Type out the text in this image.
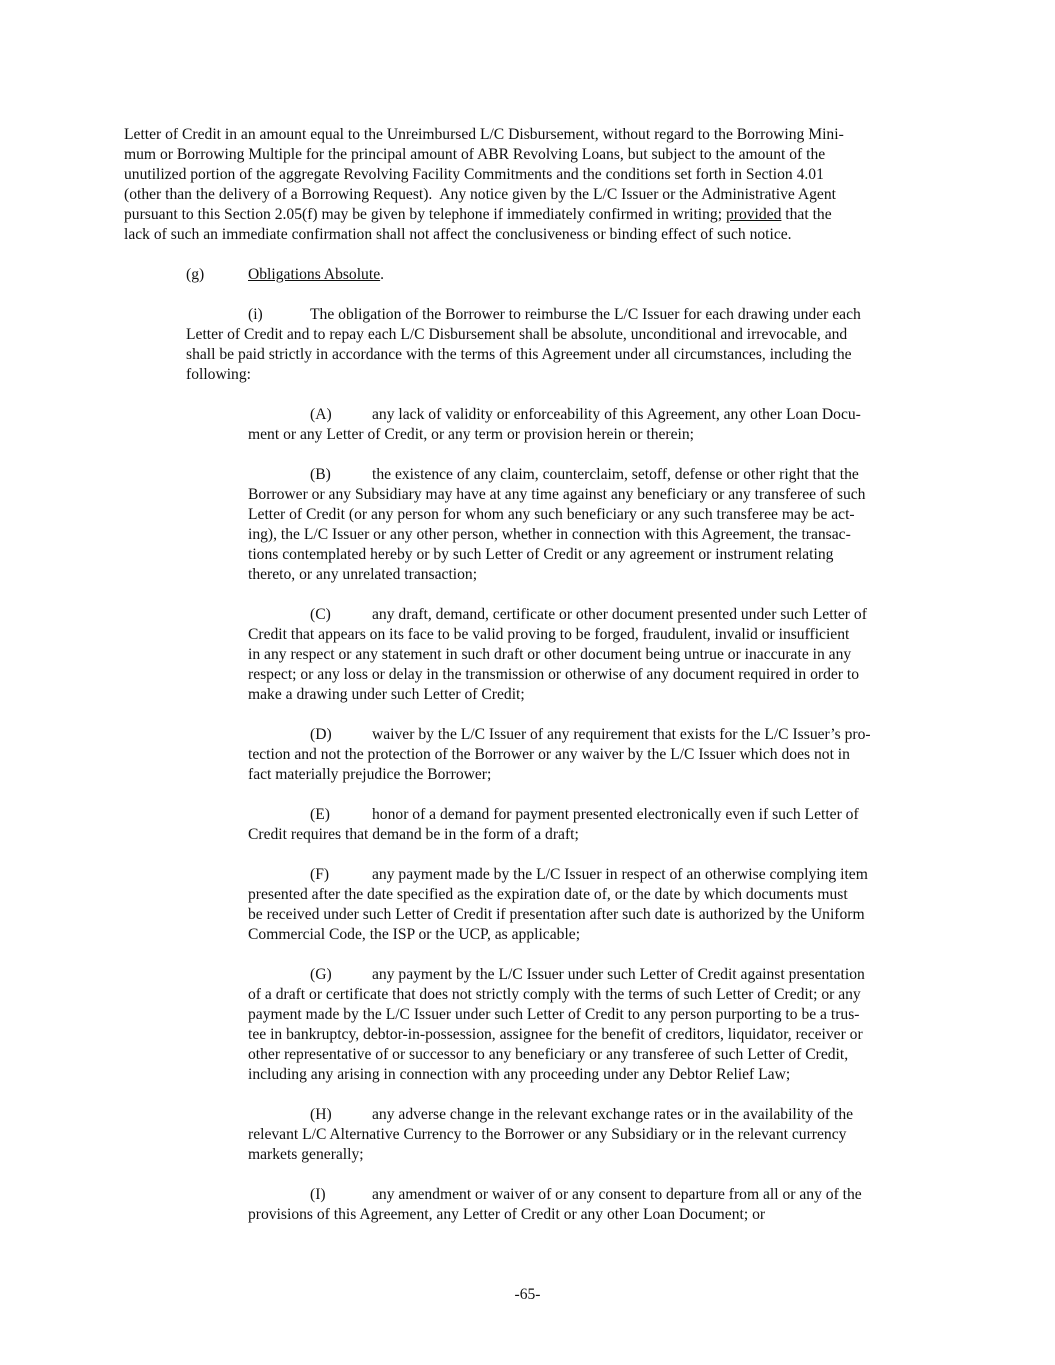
Letter of Credit in an amount equal to the Unreimbursed L/C Disbursement, without regard to the Borrowing Mini-
mum or Borrowing Multiple for the principal amount of ABR Revolving Loans, but subject to the amount of the
unutilized portion of the aggregate Revolving Facility Commitments and the conditions set forth in Section 4.01
(other than the delivery of a Borrowing Request).  Any notice given by the L/C Issuer or the Administrative Agent
pursuant to this Section 2.05(f) may be given by telephone if immediately confirmed in writing; provided that the
lack of such an immediate confirmation shall not affect the conclusiveness or binding effect of such notice.
(g)	Obligations Absolute.
(i)	The obligation of the Borrower to reimburse the L/C Issuer for each drawing under each
Letter of Credit and to repay each L/C Disbursement shall be absolute, unconditional and irrevocable, and
shall be paid strictly in accordance with the terms of this Agreement under all circumstances, including the
following:
(A)	any lack of validity or enforceability of this Agreement, any other Loan Docu-
ment or any Letter of Credit, or any term or provision herein or therein;
(B)	the existence of any claim, counterclaim, setoff, defense or other right that the
Borrower or any Subsidiary may have at any time against any beneficiary or any transferee of such
Letter of Credit (or any person for whom any such beneficiary or any such transferee may be act-
ing), the L/C Issuer or any other person, whether in connection with this Agreement, the transac-
tions contemplated hereby or by such Letter of Credit or any agreement or instrument relating
thereto, or any unrelated transaction;
(C)	any draft, demand, certificate or other document presented under such Letter of
Credit that appears on its face to be valid proving to be forged, fraudulent, invalid or insufficient
in any respect or any statement in such draft or other document being untrue or inaccurate in any
respect; or any loss or delay in the transmission or otherwise of any document required in order to
make a drawing under such Letter of Credit;
(D)	waiver by the L/C Issuer of any requirement that exists for the L/C Issuer’s pro-
tection and not the protection of the Borrower or any waiver by the L/C Issuer which does not in
fact materially prejudice the Borrower;
(E)	honor of a demand for payment presented electronically even if such Letter of
Credit requires that demand be in the form of a draft;
(F)	any payment made by the L/C Issuer in respect of an otherwise complying item
presented after the date specified as the expiration date of, or the date by which documents must
be received under such Letter of Credit if presentation after such date is authorized by the Uniform
Commercial Code, the ISP or the UCP, as applicable;
(G)	any payment by the L/C Issuer under such Letter of Credit against presentation
of a draft or certificate that does not strictly comply with the terms of such Letter of Credit; or any
payment made by the L/C Issuer under such Letter of Credit to any person purporting to be a trus-
tee in bankruptcy, debtor-in-possession, assignee for the benefit of creditors, liquidator, receiver or
other representative of or successor to any beneficiary or any transferee of such Letter of Credit,
including any arising in connection with any proceeding under any Debtor Relief Law;
(H)	any adverse change in the relevant exchange rates or in the availability of the
relevant L/C Alternative Currency to the Borrower or any Subsidiary or in the relevant currency
markets generally;
(I)	any amendment or waiver of or any consent to departure from all or any of the
provisions of this Agreement, any Letter of Credit or any other Loan Document; or
-65-
